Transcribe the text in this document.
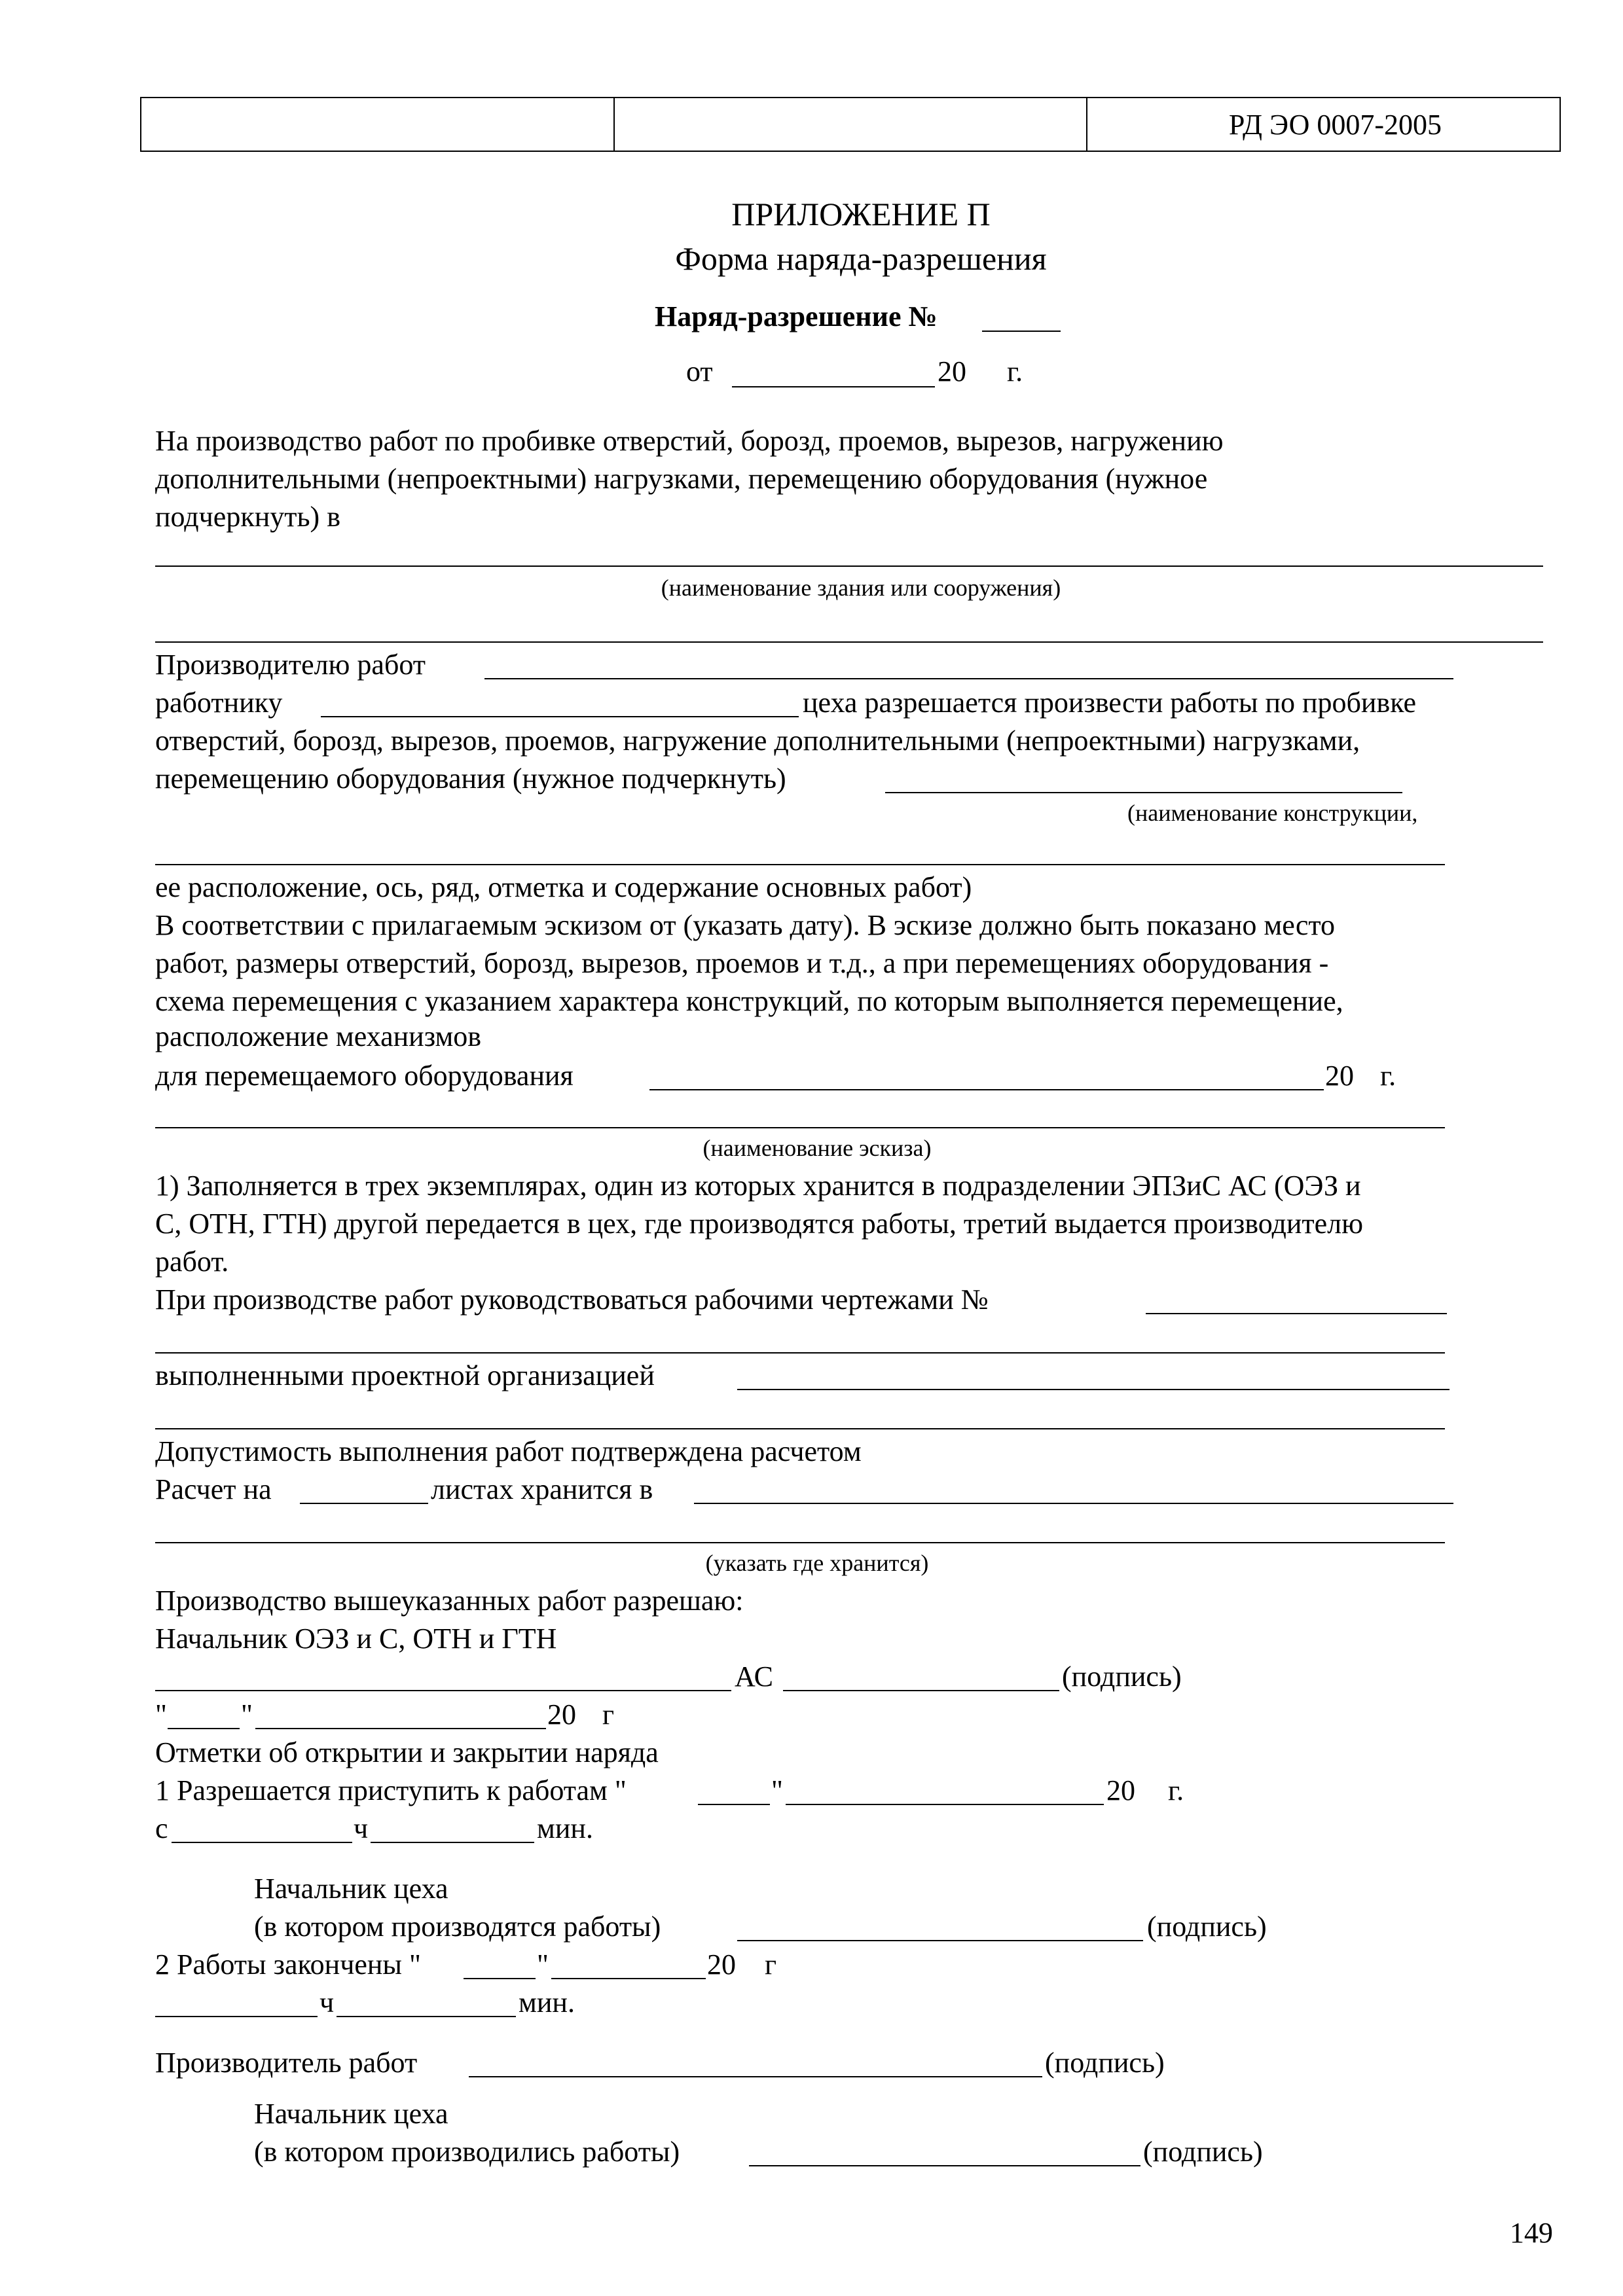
РД ЭО 0007-2005
ПРИЛОЖЕНИЕ П
Форма наряда-разрешения
Наряд-разрешение №
от	20 г.
На производство работ по пробивке отверстий, борозд, проемов, вырезов, нагружению
дополнительными (непроектными) нагрузками, перемещению оборудования (нужное
подчеркнуть) в
(наименование здания или сооружения)
Производителю работ
работнику	цеха разрешается произвести работы по пробивке
отверстий, борозд, вырезов, проемов, нагружение дополнительными (непроектными) нагрузками,
перемещению оборудования (нужное подчеркнуть)
(наименование конструкции,
ее расположение, ось, ряд, отметка и содержание основных работ)
В соответствии с прилагаемым эскизом от (указать дату). В эскизе должно быть показано место
работ, размеры отверстий, борозд, вырезов, проемов и т.д., а при перемещениях оборудования -
схема перемещения с указанием характера конструкций, по которым выполняется перемещение,
расположение механизмов
для перемещаемого оборудования	20 г.
(наименование эскиза)
1) Заполняется в трех экземплярах, один из которых хранится в подразделении ЭПЗиС АС (ОЭЗ и
С, ОТН, ГТН) другой передается в цех, где производятся работы, третий выдается производителю
работ.
При производстве работ руководствоваться рабочими чертежами №
выполненными проектной организацией
Допустимость выполнения работ подтверждена расчетом
Расчет на	листах хранится в
(указать где хранится)
Производство вышеуказанных работ разрешаю:
Начальник ОЭЗ и С, ОТН и ГТН
АС	(подпись)
"	"	20 г
Отметки об открытии и закрытии наряда
1 Разрешается приступить к работам "	"	20 г.
с	ч	мин.
Начальник цеха
(в котором производятся работы)	(подпись)
2 Работы закончены "	"	20 г
ч	мин.
Производитель работ	(подпись)
Начальник цеха
(в котором производились работы)	(подпись)
149
